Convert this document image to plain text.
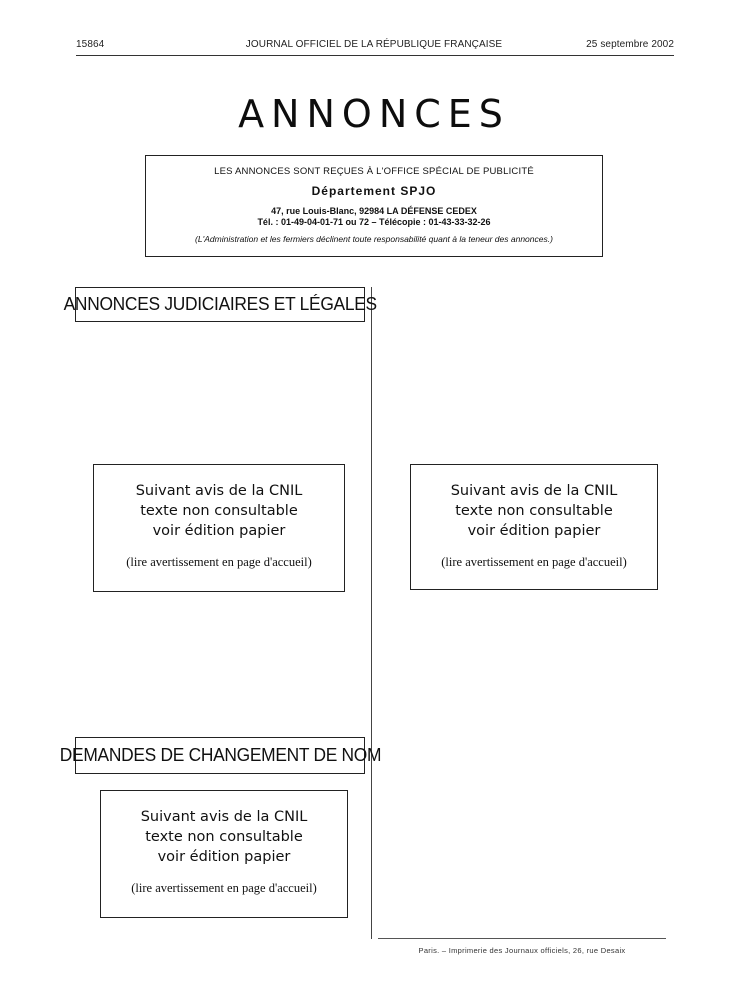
15864	JOURNAL OFFICIEL DE LA RÉPUBLIQUE FRANÇAISE	25 septembre 2002
ANNONCES
LES ANNONCES SONT REÇUES À L'OFFICE SPÉCIAL DE PUBLICITÉ
Département SPJO
47, rue Louis-Blanc, 92984 LA DÉFENSE CEDEX
Tél. : 01-49-04-01-71 ou 72 – Télécopie : 01-43-33-32-26
(L'Administration et les fermiers déclinent toute responsabilité quant à la teneur des annonces.)
ANNONCES JUDICIAIRES ET LÉGALES
Suivant avis de la CNIL
texte non consultable
voir édition papier
(lire avertissement en page d'accueil)
Suivant avis de la CNIL
texte non consultable
voir édition papier
(lire avertissement en page d'accueil)
DEMANDES DE CHANGEMENT DE NOM
Suivant avis de la CNIL
texte non consultable
voir édition papier
(lire avertissement en page d'accueil)
Paris. – Imprimerie des Journaux officiels, 26, rue Desaix
